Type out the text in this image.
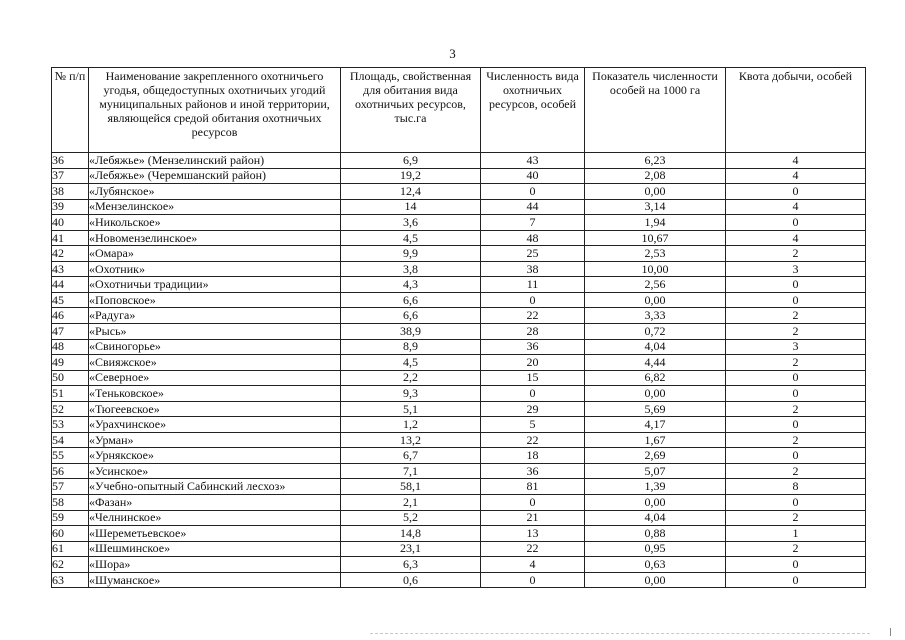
3
№ п/п	Наименование закрепленного охотничьего угодья, общедоступных охотничьих угодий муниципальных районов и иной территории, являющейся средой обитания охотничьих ресурсов	Площадь, свойственная для обитания вида охотничьих ресурсов, тыс.га	Численность вида охотничьих ресурсов, особей	Показатель численности особей на 1000 га	Квота добычи, особей
36	«Лебяжье» (Мензелинский район)	6,9	43	6,23	4
37	«Лебяжье» (Черемшанский район)	19,2	40	2,08	4
38	«Лубянское»	12,4	0	0,00	0
39	«Мензелинское»	14	44	3,14	4
40	«Никольское»	3,6	7	1,94	0
41	«Новомензелинское»	4,5	48	10,67	4
42	«Омара»	9,9	25	2,53	2
43	«Охотник»	3,8	38	10,00	3
44	«Охотничьи традиции»	4,3	11	2,56	0
45	«Поповское»	6,6	0	0,00	0
46	«Радуга»	6,6	22	3,33	2
47	«Рысь»	38,9	28	0,72	2
48	«Свиногорье»	8,9	36	4,04	3
49	«Свияжское»	4,5	20	4,44	2
50	«Северное»	2,2	15	6,82	0
51	«Теньковское»	9,3	0	0,00	0
52	«Тюгеевское»	5,1	29	5,69	2
53	«Урахчинское»	1,2	5	4,17	0
54	«Урман»	13,2	22	1,67	2
55	«Урнякское»	6,7	18	2,69	0
56	«Усинское»	7,1	36	5,07	2
57	«Учебно-опытный Сабинский лесхоз»	58,1	81	1,39	8
58	«Фазан»	2,1	0	0,00	0
59	«Челнинское»	5,2	21	4,04	2
60	«Шереметьевское»	14,8	13	0,88	1
61	«Шешминское»	23,1	22	0,95	2
62	«Шора»	6,3	4	0,63	0
63	«Шуманское»	0,6	0	0,00	0
